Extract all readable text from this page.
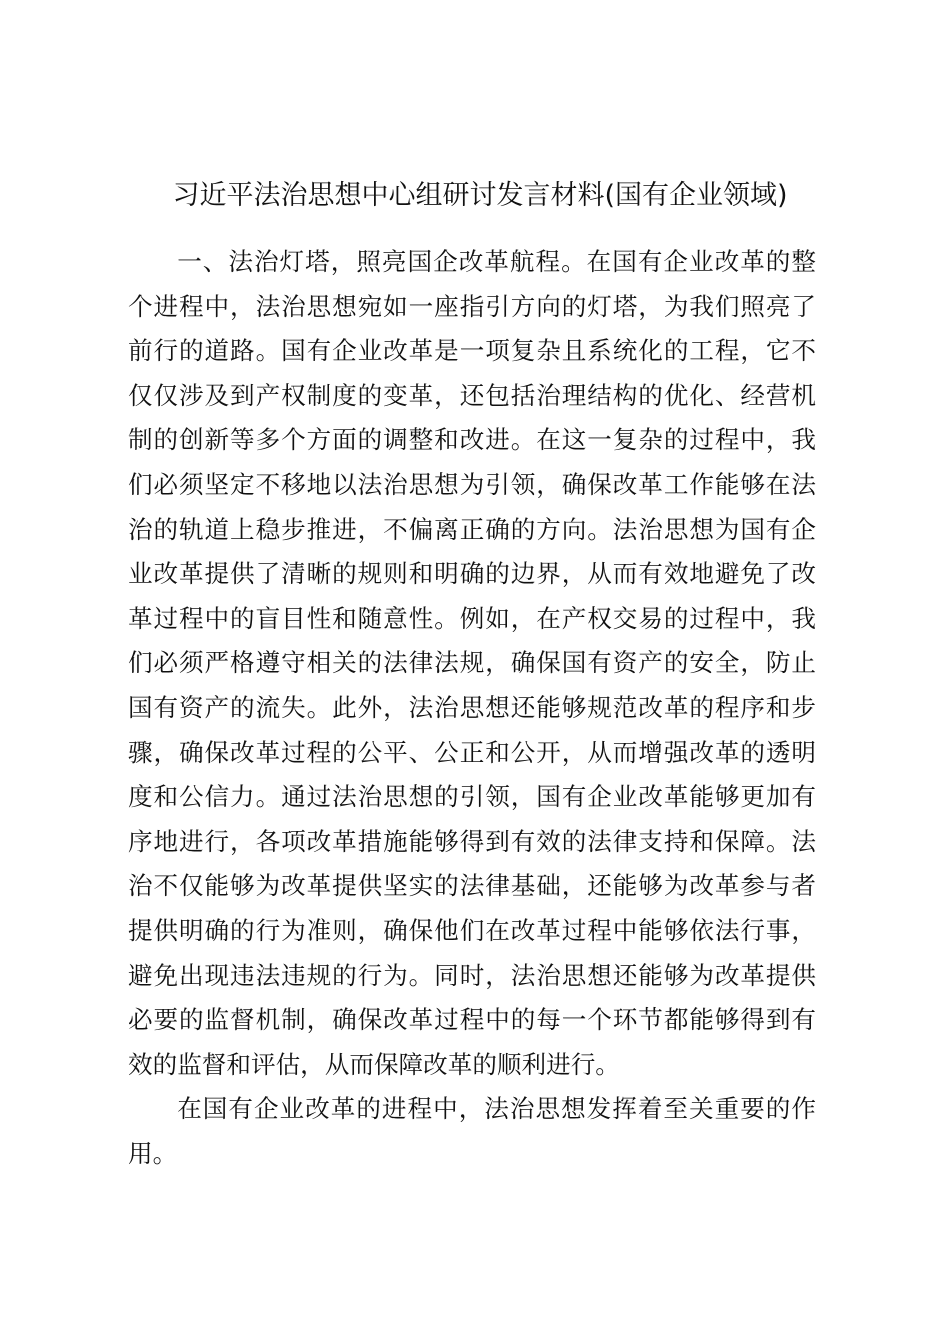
习近平法治思想中心组研讨发言材料(国有企业领域)

一、法治灯塔，照亮国企改革航程。在国有企业改革的整个进程中，法治思想宛如一座指引方向的灯塔，为我们照亮了前行的道路。国有企业改革是一项复杂且系统化的工程，它不仅仅涉及到产权制度的变革，还包括治理结构的优化、经营机制的创新等多个方面的调整和改进。在这一复杂的过程中，我们必须坚定不移地以法治思想为引领，确保改革工作能够在法治的轨道上稳步推进，不偏离正确的方向。法治思想为国有企业改革提供了清晰的规则和明确的边界，从而有效地避免了改革过程中的盲目性和随意性。例如，在产权交易的过程中，我们必须严格遵守相关的法律法规，确保国有资产的安全，防止国有资产的流失。此外，法治思想还能够规范改革的程序和步骤，确保改革过程的公平、公正和公开，从而增强改革的透明度和公信力。通过法治思想的引领，国有企业改革能够更加有序地进行，各项改革措施能够得到有效的法律支持和保障。法治不仅能够为改革提供坚实的法律基础，还能够为改革参与者提供明确的行为准则，确保他们在改革过程中能够依法行事，避免出现违法违规的行为。同时，法治思想还能够为改革提供必要的监督机制，确保改革过程中的每一个环节都能够得到有效的监督和评估，从而保障改革的顺利进行。

在国有企业改革的进程中，法治思想发挥着至关重要的作用。
